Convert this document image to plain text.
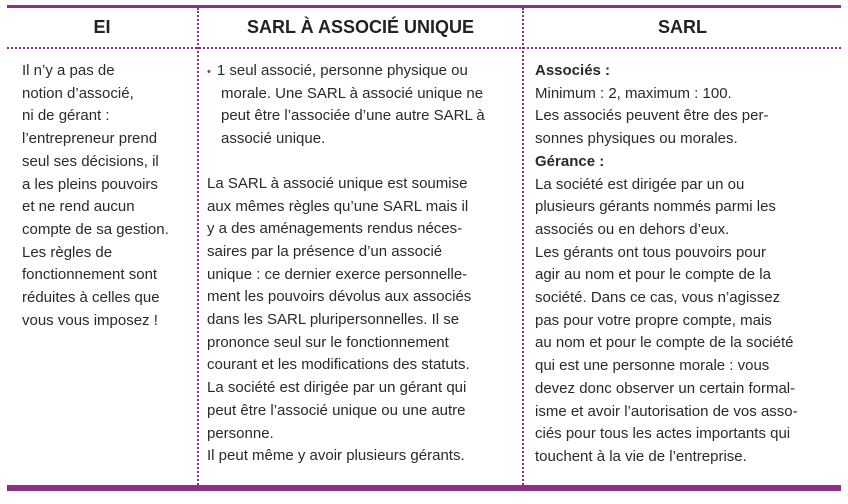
EI	SARL À ASSOCIÉ UNIQUE	SARL

Il n’y a pas de

notion d’associé,

ni de gérant :

l’entrepreneur prend

seul ses décisions, il

a les pleins pouvoirs

et ne rend aucun

compte de sa gestion.

Les règles de

fonctionnement sont

réduites à celles que

vous vous imposez !

• 1 seul associé, personne physique ou

morale. Une SARL à associé unique ne

peut être l’associée d’une autre SARL à

associé unique.

La SARL à associé unique est soumise

aux mêmes règles qu’une SARL mais il

y a des aménagements rendus néces-

saires par la présence d’un associé

unique : ce dernier exerce personnelle-

ment les pouvoirs dévolus aux associés

dans les SARL pluripersonnelles. Il se

prononce seul sur le fonctionnement

courant et les modifications des statuts.

La société est dirigée par un gérant qui

peut être l’associé unique ou une autre

personne.

Il peut même y avoir plusieurs gérants.

Associés :

Minimum : 2, maximum : 100.

Les associés peuvent être des per-

sonnes physiques ou morales.

Gérance :

La société est dirigée par un ou

plusieurs gérants nommés parmi les

associés ou en dehors d’eux.

Les gérants ont tous pouvoirs pour

agir au nom et pour le compte de la

société. Dans ce cas, vous n’agissez

pas pour votre propre compte, mais

au nom et pour le compte de la société

qui est une personne morale : vous

devez donc observer un certain formal-

isme et avoir l’autorisation de vos asso-

ciés pour tous les actes importants qui

touchent à la vie de l’entreprise.
